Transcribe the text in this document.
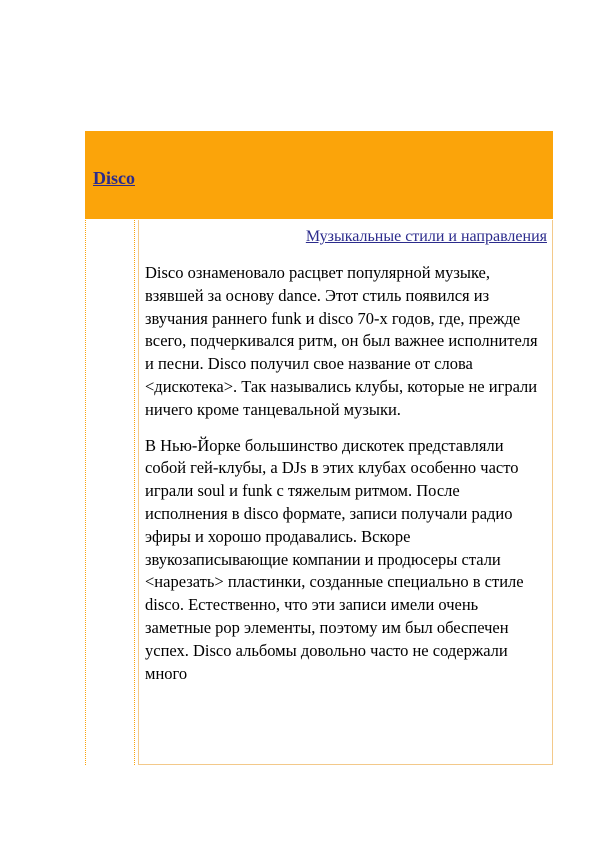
Disco
Музыкальные стили и направления

Disco ознаменовало расцвет популярной музыке, взявшей за основу dance. Этот стиль появился из звучания раннего funk и disco 70-х годов, где, прежде всего, подчеркивался ритм, он был важнее исполнителя и песни. Disco получил свое название от слова <дискотека>. Так назывались клубы, которые не играли ничего кроме танцевальной музыки.

В Нью-Йорке большинство дискотек представляли собой гей-клубы, а DJs в этих клубах особенно часто играли soul и funk с тяжелым ритмом. После исполнения в disco формате, записи получали радио эфиры и хорошо продавались. Вскоре звукозаписывающие компании и продюсеры стали <нарезать> пластинки, созданные специально в стиле disco. Естественно, что эти записи имели очень заметные pop элементы, поэтому им был обеспечен успех. Disco альбомы довольно часто не содержали много
